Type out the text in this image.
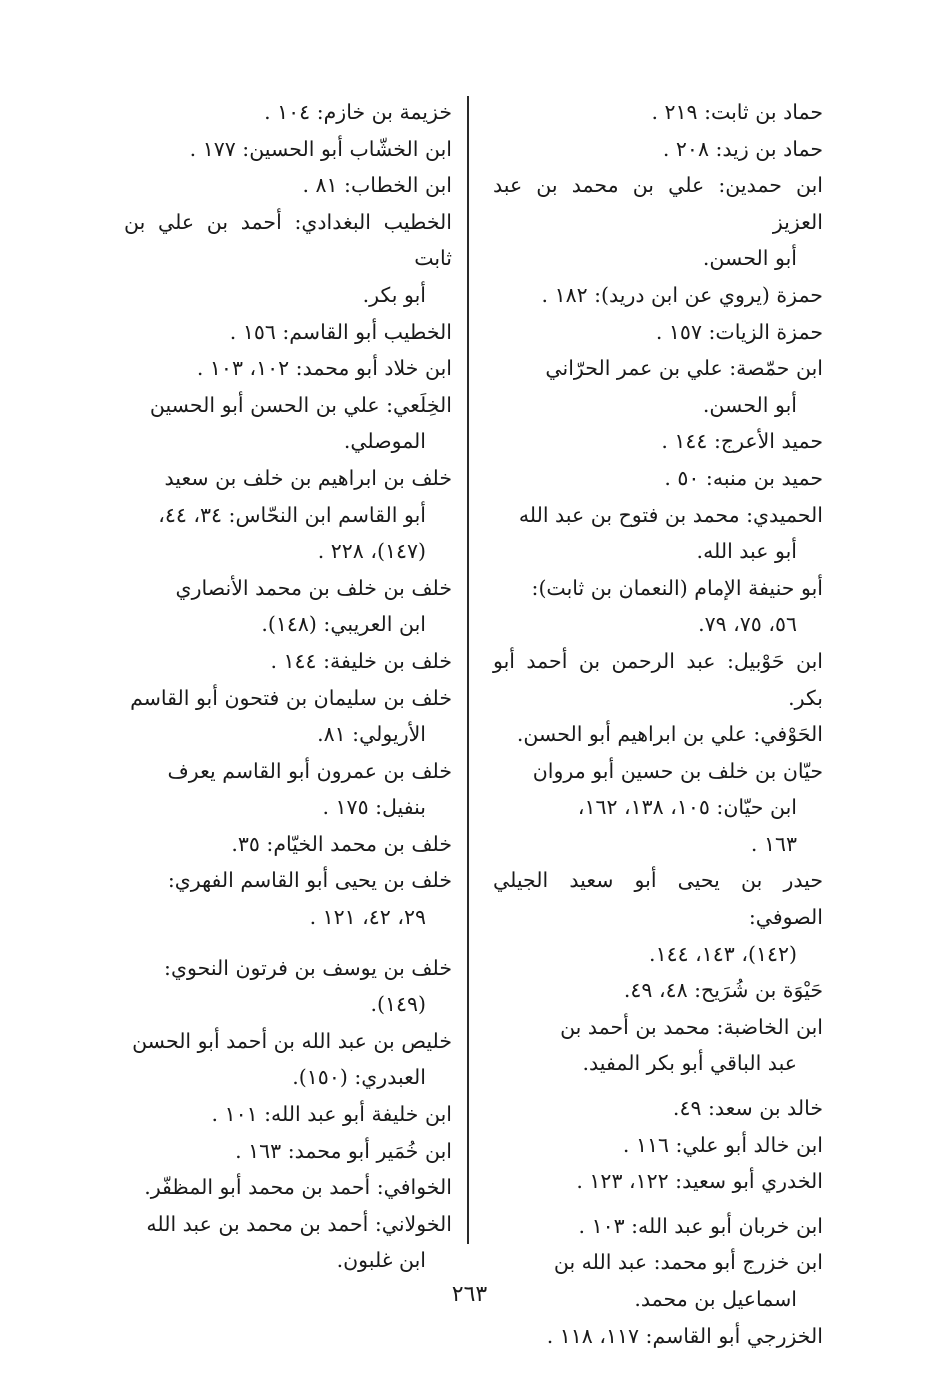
حماد بن ثابت: ٢١٩ .
حماد بن زيد: ٢٠٨ .
ابن حمدين: علي بن محمد بن عبد العزيز
أبو الحسن.
حمزة (يروي عن ابن دريد): ١٨٢ .
حمزة الزيات: ١٥٧ .
ابن حمّصة: علي بن عمر الحرّاني
أبو الحسن.
حميد الأعرج: ١٤٤ .
حميد بن منبه: ٥٠ .
الحميدي: محمد بن فتوح بن عبد الله
أبو عبد الله.
أبو حنيفة الإمام (النعمان بن ثابت):
٥٦، ٧٥، ٧٩.
ابن حَوْبيل: عبد الرحمن بن أحمد أبو بكر.
الحَوْفي: علي بن ابراهيم أبو الحسن.
حيّان بن خلف بن حسين أبو مروان
ابن حيّان: ١٠٥، ١٣٨، ١٦٢،
١٦٣ .
حيدر بن يحيى أبو سعيد الجيلي الصوفي:
(١٤٢)، ١٤٣، ١٤٤.
حَيْوَة بن شُرَيح: ٤٨، ٤٩.
ابن الخاضبة: محمد بن أحمد بن
عبد الباقي أبو بكر المفيد.
خالد بن سعد: ٤٩.
ابن خالد أبو علي: ١١٦ .
الخدري أبو سعيد: ١٢٢، ١٢٣ .
ابن خربان أبو عبد الله: ١٠٣ .
ابن خزرج أبو محمد: عبد الله بن
اسماعيل بن محمد.
الخزرجي أبو القاسم: ١١٧، ١١٨ .
خزيمة بن خازم: ١٠٤ .
ابن الخشّاب أبو الحسين: ١٧٧ .
ابن الخطاب: ٨١ .
الخطيب البغدادي: أحمد بن علي بن ثابت
أبو بكر.
الخطيب أبو القاسم: ١٥٦ .
ابن خلاد أبو محمد: ١٠٢، ١٠٣ .
الخِلَعي: علي بن الحسن أبو الحسين
الموصلي.
خلف بن ابراهيم بن خلف بن سعيد
أبو القاسم ابن النحّاس: ٣٤، ٤٤،
(١٤٧)، ٢٢٨ .
خلف بن خلف بن محمد الأنصاري
ابن العريبي: (١٤٨).
خلف بن خليفة: ١٤٤ .
خلف بن سليمان بن فتحون أبو القاسم
الأريولي: ٨١.
خلف بن عمرون أبو القاسم يعرف
بنفيل: ١٧٥ .
خلف بن محمد الخيّام: ٣٥.
خلف بن يحيى أبو القاسم الفهري:
٢٩، ٤٢، ١٢١ .
خلف بن يوسف بن فرتون النحوي:
(١٤٩).
خليص بن عبد الله بن أحمد أبو الحسن
العبدري: (١٥٠).
ابن خليفة أبو عبد الله: ١٠١ .
ابن خُمَير أبو محمد: ١٦٣ .
الخوافي: أحمد بن محمد أبو المظفّر.
الخولاني: أحمد بن محمد بن عبد الله
ابن غلبون.
٢٦٣
